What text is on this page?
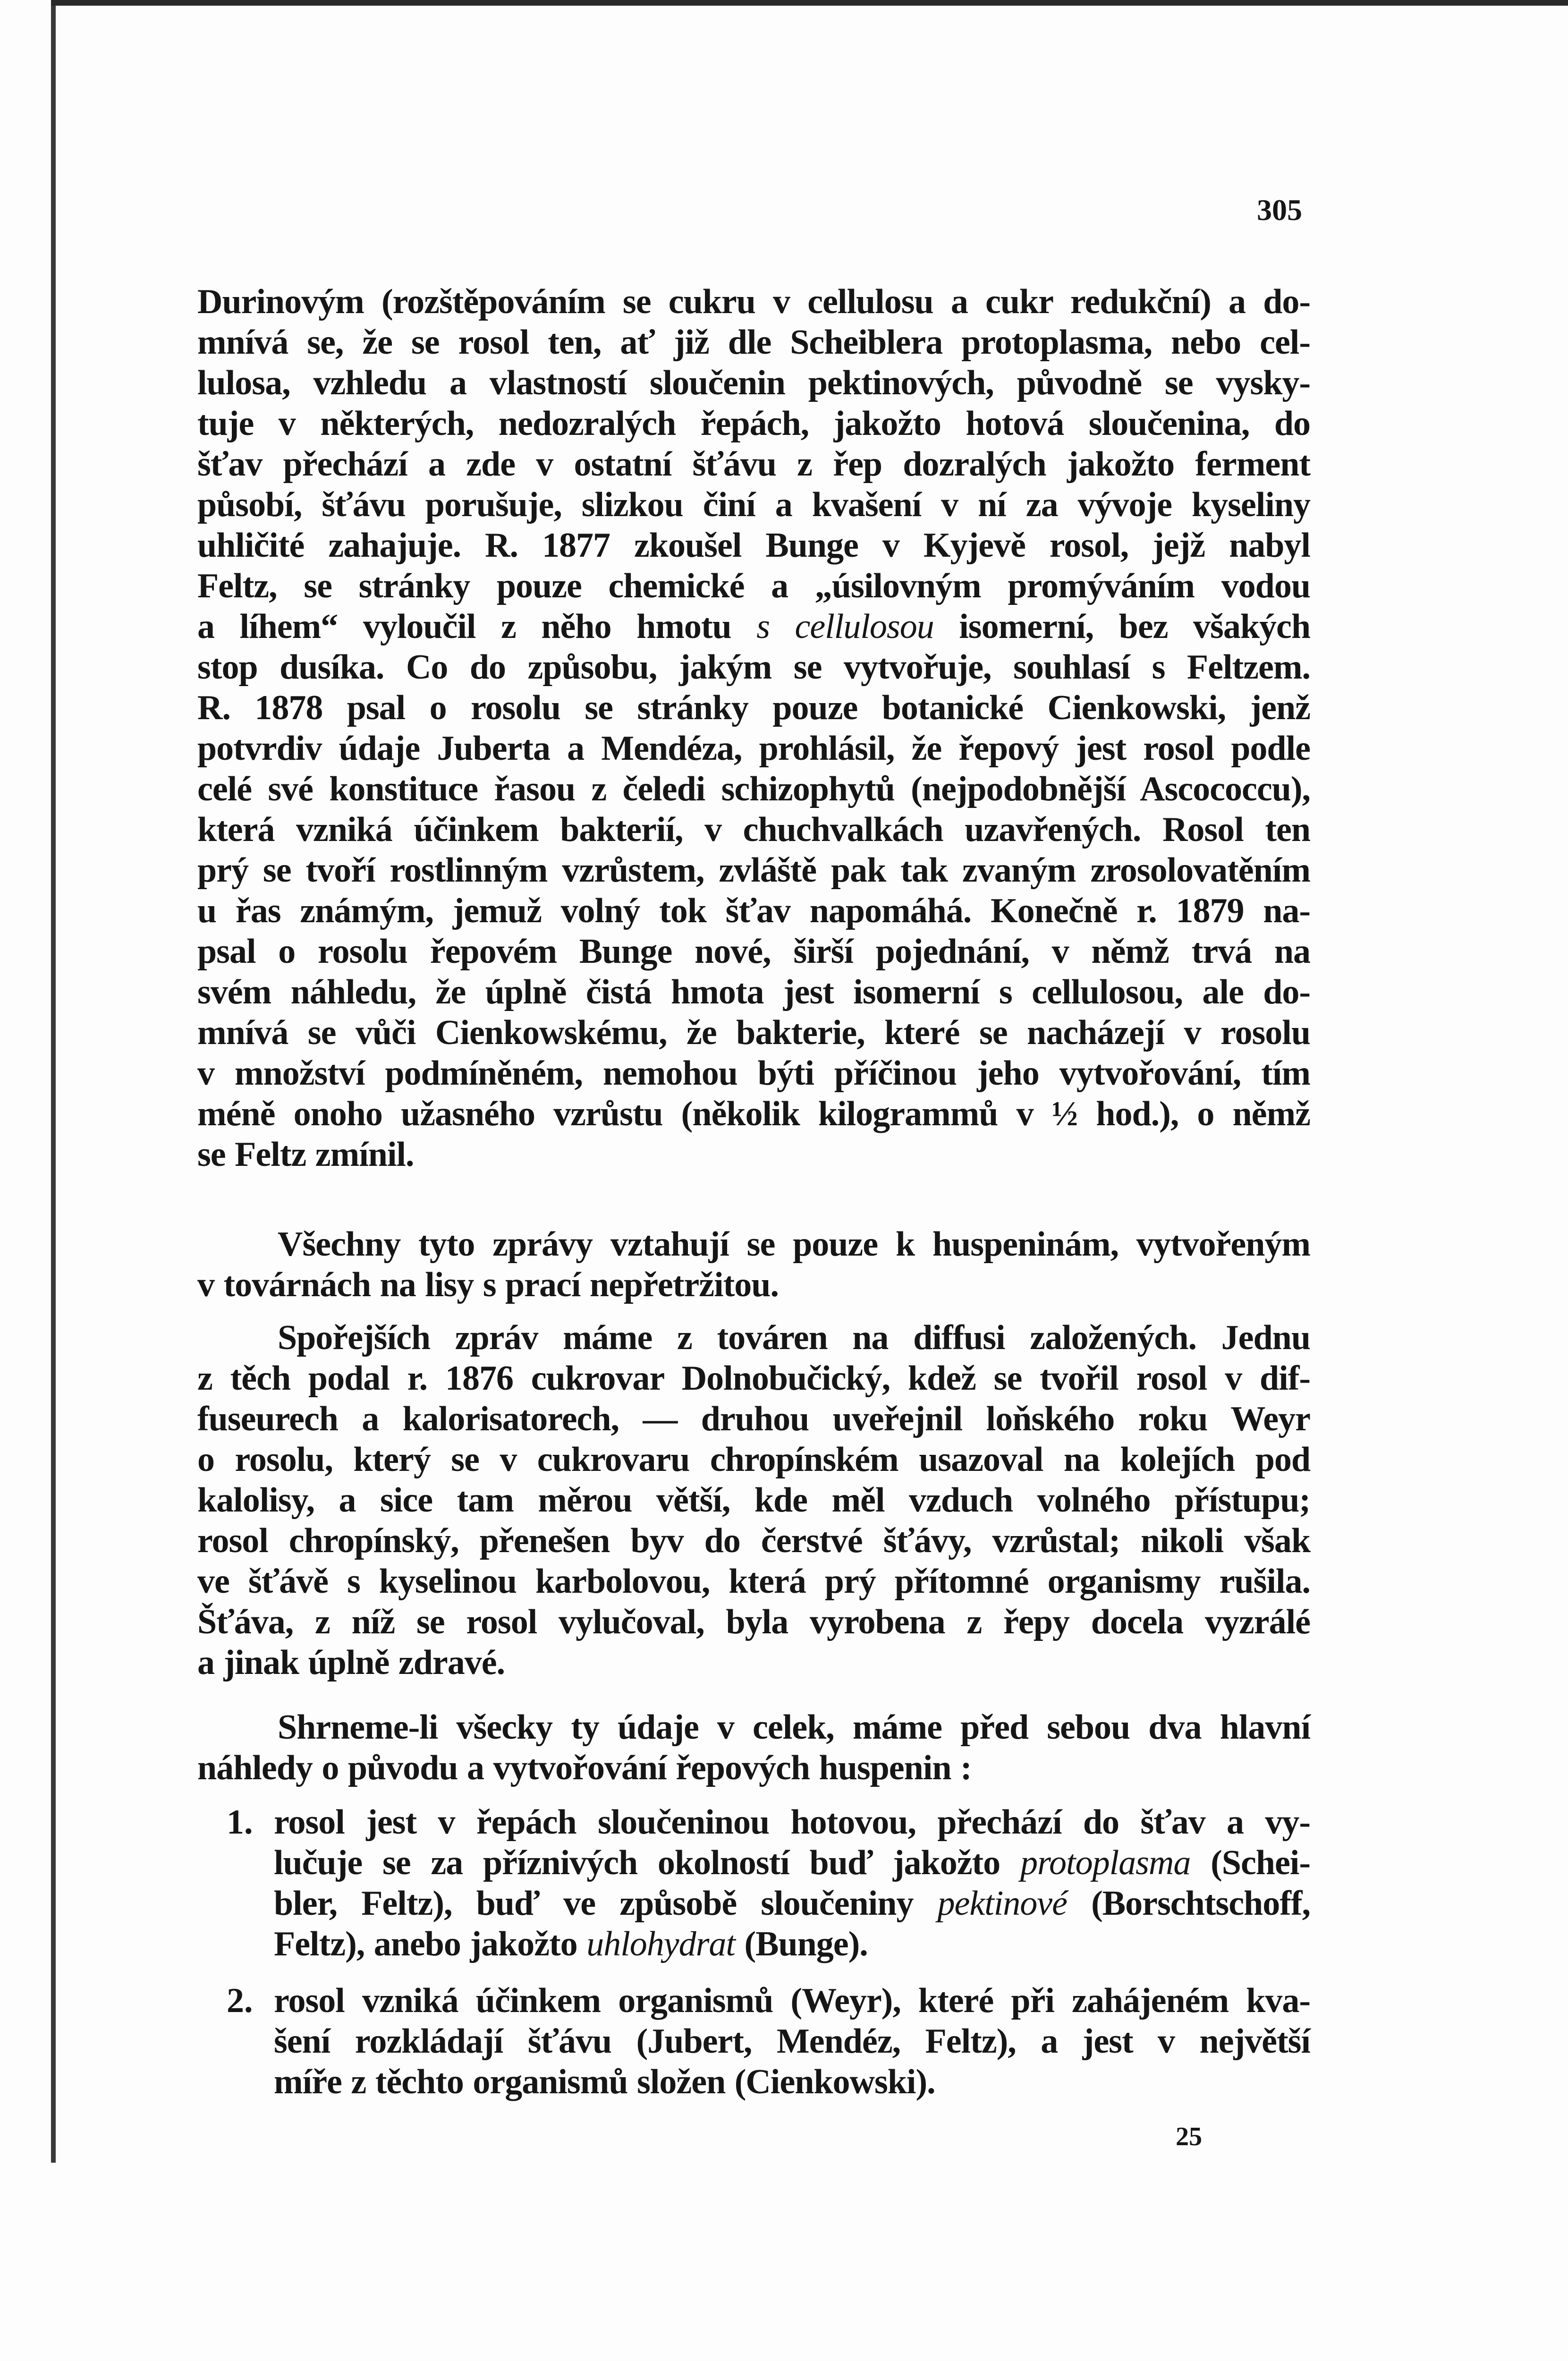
305
Durinovým (rozštěpováním se cukru v cellulosu a cukr redukční) a do-
mnívá se, že se rosol ten, ať již dle Scheiblera protoplasma, nebo cel-
lulosa, vzhledu a vlastností sloučenin pektinových, původně se vysky-
tuje v některých, nedozralých řepách, jakožto hotová sloučenina, do
šťav přechází a zde v ostatní šťávu z řep dozralých jakožto ferment
působí, šťávu porušuje, slizkou činí a kvašení v ní za vývoje kyseliny
uhličité zahajuje. R. 1877 zkoušel Bunge v Kyjevě rosol, jejž nabyl
Feltz, se stránky pouze chemické a „úsilovným promýváním vodou
a líhem“ vyloučil z něho hmotu s cellulosou isomerní, bez všakých
stop dusíka. Co do způsobu, jakým se vytvořuje, souhlasí s Feltzem.
R. 1878 psal o rosolu se stránky pouze botanické Cienkowski, jenž
potvrdiv údaje Juberta a Mendéza, prohlásil, že řepový jest rosol podle
celé své konstituce řasou z čeledi schizophytů (nejpodobnější Ascococcu),
která vzniká účinkem bakterií, v chuchvalkách uzavřených. Rosol ten
prý se tvoří rostlinným vzrůstem, zvláště pak tak zvaným zrosolovatěním
u řas známým, jemuž volný tok šťav napomáhá. Konečně r. 1879 na-
psal o rosolu řepovém Bunge nové, širší pojednání, v němž trvá na
svém náhledu, že úplně čistá hmota jest isomerní s cellulosou, ale do-
mnívá se vůči Cienkowskému, že bakterie, které se nacházejí v rosolu
v množství podmíněném, nemohou býti příčinou jeho vytvořování, tím
méně onoho užasného vzrůstu (několik kilogrammů v ½ hod.), o němž
se Feltz zmínil.
Všechny tyto zprávy vztahují se pouze k huspeninám, vytvořeným
v továrnách na lisy s prací nepřetržitou.
Spořejších zpráv máme z továren na diffusi založených. Jednu
z těch podal r. 1876 cukrovar Dolnobučický, kdež se tvořil rosol v dif-
fuseurech a kalorisatorech, — druhou uveřejnil loňského roku Weyr
o rosolu, který se v cukrovaru chropínském usazoval na kolejích pod
kalolisy, a sice tam měrou větší, kde měl vzduch volného přístupu;
rosol chropínský, přenešen byv do čerstvé šťávy, vzrůstal; nikoli však
ve šťávě s kyselinou karbolovou, která prý přítomné organismy rušila.
Šťáva, z níž se rosol vylučoval, byla vyrobena z řepy docela vyzrálé
a jinak úplně zdravé.
Shrneme-li všecky ty údaje v celek, máme před sebou dva hlavní
náhledy o původu a vytvořování řepových huspenin :
1. rosol jest v řepách sloučeninou hotovou, přechází do šťav a vy-
lučuje se za příznivých okolností buď jakožto protoplasma (Schei-
bler, Feltz), buď ve způsobě sloučeniny pektinové (Borschtschoff,
Feltz), anebo jakožto uhlohydrat (Bunge).
2. rosol vzniká účinkem organismů (Weyr), které při zahájeném kva-
šení rozkládají šťávu (Jubert, Mendéz, Feltz), a jest v největší
míře z těchto organismů složen (Cienkowski).
25
